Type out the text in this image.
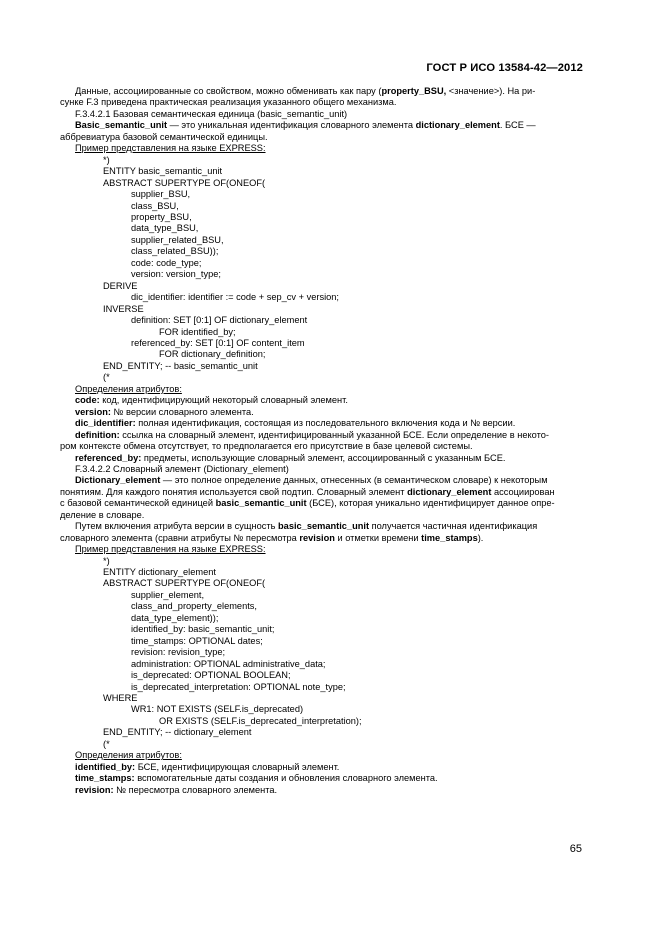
ГОСТ Р ИСО 13584-42—2012
Данные, ассоциированные со свойством, можно обменивать как пару (property_BSU, <значение>). На ри-
сунке F.3 приведена практическая реализация указанного общего механизма.
F.3.4.2.1 Базовая семантическая единица (basic_semantic_unit)
Basic_semantic_unit — это уникальная идентификация словарного элемента dictionary_element. БСЕ —
аббревиатура базовой семантической единицы.
Пример представления на языке EXPRESS:
*)
ENTITY basic_semantic_unit
ABSTRACT SUPERTYPE OF(ONEOF(
supplier_BSU,
class_BSU,
property_BSU,
data_type_BSU,
supplier_related_BSU,
class_related_BSU));
code: code_type;
version: version_type;
DERIVE
dic_identifier: identifier := code + sep_cv + version;
INVERSE
definition: SET [0:1] OF dictionary_element
FOR identified_by;
referenced_by: SET [0:1] OF content_item
FOR dictionary_definition;
END_ENTITY; -- basic_semantic_unit
(*
Определения атрибутов:
code: код, идентифицирующий некоторый словарный элемент.
version: № версии словарного элемента.
dic_identifier: полная идентификация, состоящая из последовательного включения кода и № версии.
definition: ссылка на словарный элемент, идентифицированный указанной БСЕ. Если определение в некото-
ром контексте обмена отсутствует, то предполагается его присутствие в базе целевой системы.
referenced_by: предметы, использующие словарный элемент, ассоциированный с указанным БСЕ.
F.3.4.2.2 Словарный элемент (Dictionary_element)
Dictionary_element — это полное определение данных, отнесенных (в семантическом словаре) к некоторым
понятиям. Для каждого понятия используется свой подтип. Словарный элемент dictionary_element ассоциирован
с базовой семантической единицей basic_semantic_unit (БСЕ), которая уникально идентифицирует данное опре-
деление в словаре.
Путем включения атрибута версии в сущность basic_semantic_unit получается частичная идентификация
словарного элемента (сравни атрибуты № пересмотра revision и отметки времени time_stamps).
Пример представления на языке EXPRESS:
*)
ENTITY dictionary_element
ABSTRACT SUPERTYPE OF(ONEOF(
supplier_element,
class_and_property_elements,
data_type_element));
identified_by: basic_semantic_unit;
time_stamps: OPTIONAL dates;
revision: revision_type;
administration: OPTIONAL administrative_data;
is_deprecated: OPTIONAL BOOLEAN;
is_deprecated_interpretation: OPTIONAL note_type;
WHERE
WR1: NOT EXISTS (SELF.is_deprecated)
OR EXISTS (SELF.is_deprecated_interpretation);
END_ENTITY; -- dictionary_element
(*
Определения атрибутов:
identified_by: БСЕ, идентифицирующая словарный элемент.
time_stamps: вспомогательные даты создания и обновления словарного элемента.
revision: № пересмотра словарного элемента.
65
